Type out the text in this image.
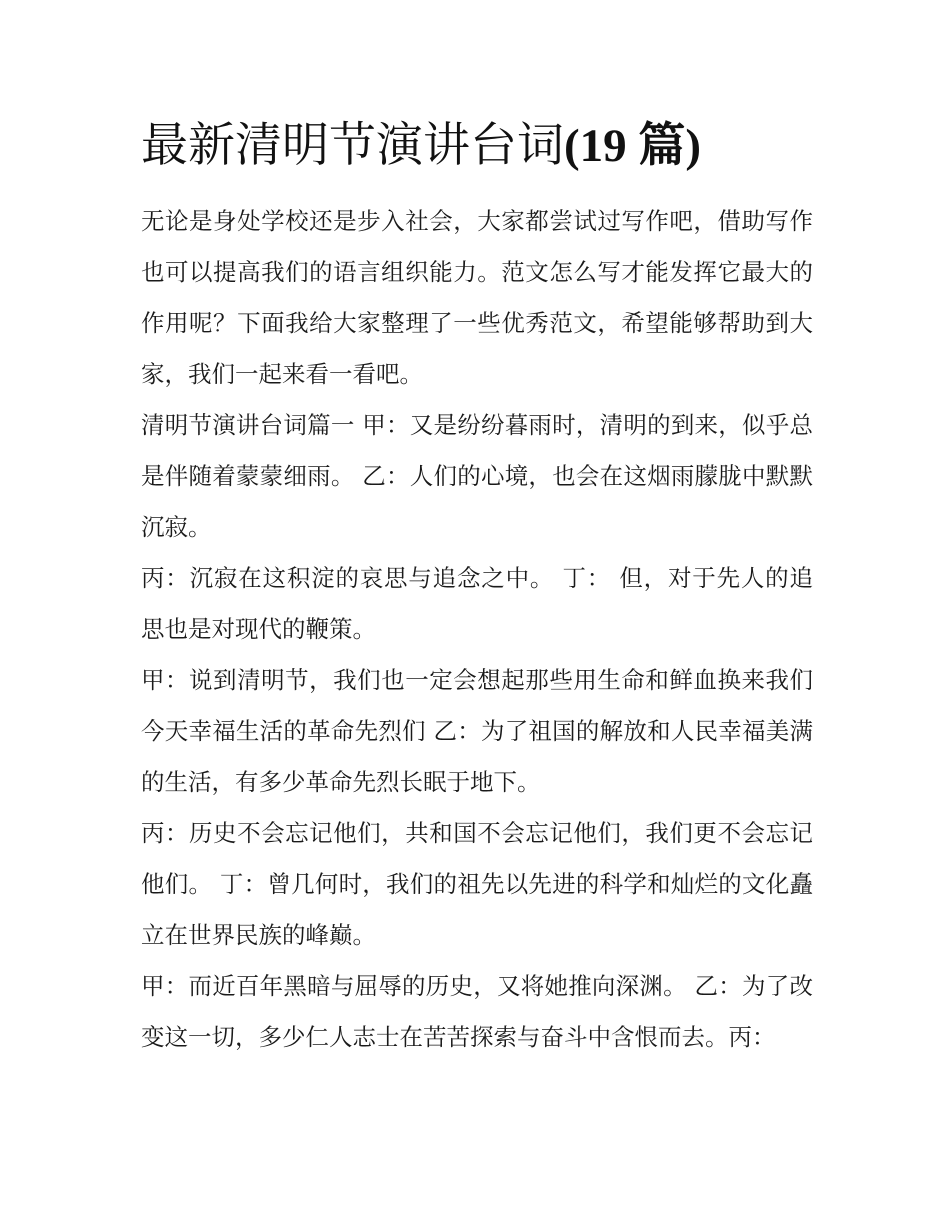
最新清明节演讲台词(19 篇)

无论是身处学校还是步入社会，大家都尝试过写作吧，借助写作也可以提高我们的语言组织能力。范文怎么写才能发挥它最大的作用呢？下面我给大家整理了一些优秀范文，希望能够帮助到大家，我们一起来看一看吧。

清明节演讲台词篇一 甲：又是纷纷暮雨时，清明的到来，似乎总是伴随着蒙蒙细雨。 乙：人们的心境，也会在这烟雨朦胧中默默沉寂。

丙：沉寂在这积淀的哀思与追念之中。 丁： 但，对于先人的追思也是对现代的鞭策。

甲：说到清明节，我们也一定会想起那些用生命和鲜血换来我们今天幸福生活的革命先烈们 乙：为了祖国的解放和人民幸福美满的生活，有多少革命先烈长眠于地下。

丙：历史不会忘记他们，共和国不会忘记他们，我们更不会忘记他们。 丁：曾几何时，我们的祖先以先进的科学和灿烂的文化矗立在世界民族的峰巅。

甲：而近百年黑暗与屈辱的历史，又将她推向深渊。 乙：为了改变这一切，多少仁人志士在苦苦探索与奋斗中含恨而去。丙：
